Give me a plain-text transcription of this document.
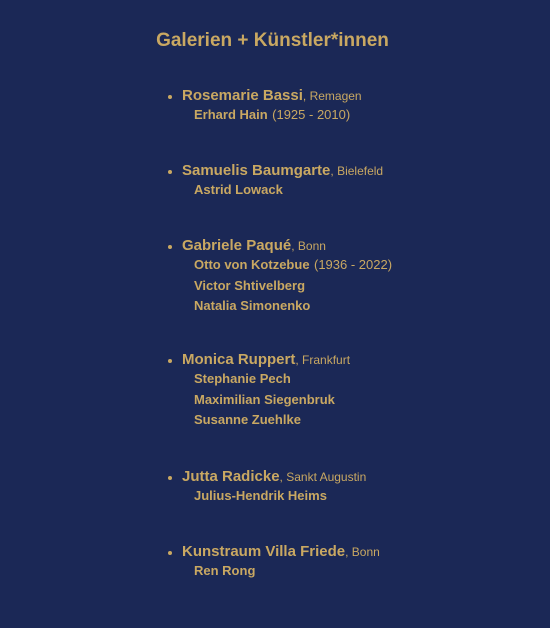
Galerien + Künstler*innen
Rosemarie Bassi, Remagen
Erhard Hain (1925 - 2010)
Samuelis Baumgarte, Bielefeld
Astrid Lowack
Gabriele Paqué, Bonn
Otto von Kotzebue (1936 - 2022)
Victor Shtivelberg
Natalia Simonenko
Monica Ruppert, Frankfurt
Stephanie Pech
Maximilian Siegenbruk
Susanne Zuehlke
Jutta Radicke, Sankt Augustin
Julius-Hendrik Heims
Kunstraum Villa Friede, Bonn
Ren Rong
